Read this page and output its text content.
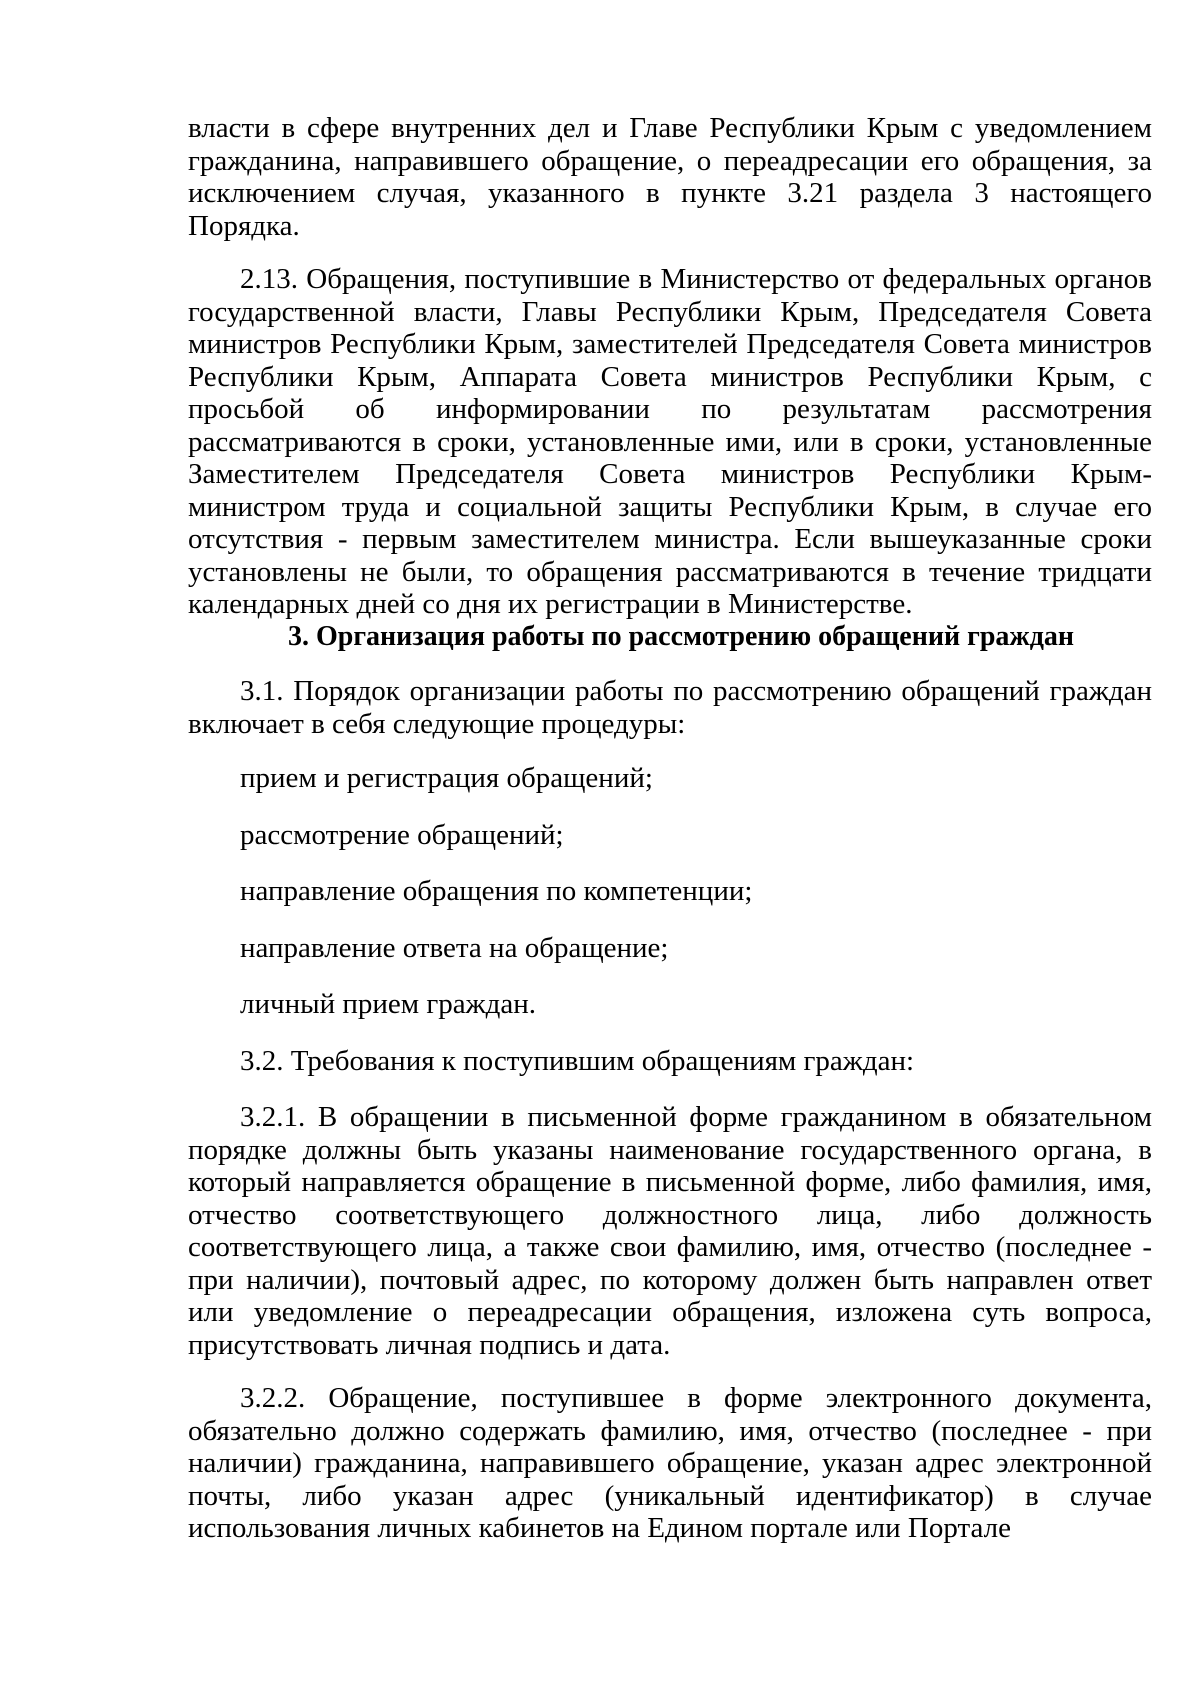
власти в сфере внутренних дел и Главе Республики Крым с уведомлением гражданина, направившего обращение, о переадресации его обращения, за исключением случая, указанного в пункте 3.21 раздела 3 настоящего Порядка.

2.13. Обращения, поступившие в Министерство от федеральных органов государственной власти, Главы Республики Крым, Председателя Совета министров Республики Крым, заместителей Председателя Совета министров Республики Крым, Аппарата Совета министров Республики Крым, с просьбой об информировании по результатам рассмотрения рассматриваются в сроки, установленные ими, или в сроки, установленные Заместителем Председателя Совета министров Республики Крым- министром труда и социальной защиты Республики Крым, в случае его отсутствия - первым заместителем министра. Если вышеуказанные сроки установлены не были, то обращения рассматриваются в течение тридцати календарных дней со дня их регистрации в Министерстве.

3. Организация работы по рассмотрению обращений граждан

3.1. Порядок организации работы по рассмотрению обращений граждан включает в себя следующие процедуры:

прием и регистрация обращений;

рассмотрение обращений;

направление обращения по компетенции;

направление ответа на обращение;

личный прием граждан.

3.2. Требования к поступившим обращениям граждан:

3.2.1. В обращении в письменной форме гражданином в обязательном порядке должны быть указаны наименование государственного органа, в который направляется обращение в письменной форме, либо фамилия, имя, отчество соответствующего должностного лица, либо должность соответствующего лица, а также свои фамилию, имя, отчество (последнее - при наличии), почтовый адрес, по которому должен быть направлен ответ или уведомление о переадресации обращения, изложена суть вопроса, присутствовать личная подпись и дата.

3.2.2. Обращение, поступившее в форме электронного документа, обязательно должно содержать фамилию, имя, отчество (последнее - при наличии) гражданина, направившего обращение, указан адрес электронной почты, либо указан адрес (уникальный идентификатор) в случае использования личных кабинетов на Едином портале или Портале
